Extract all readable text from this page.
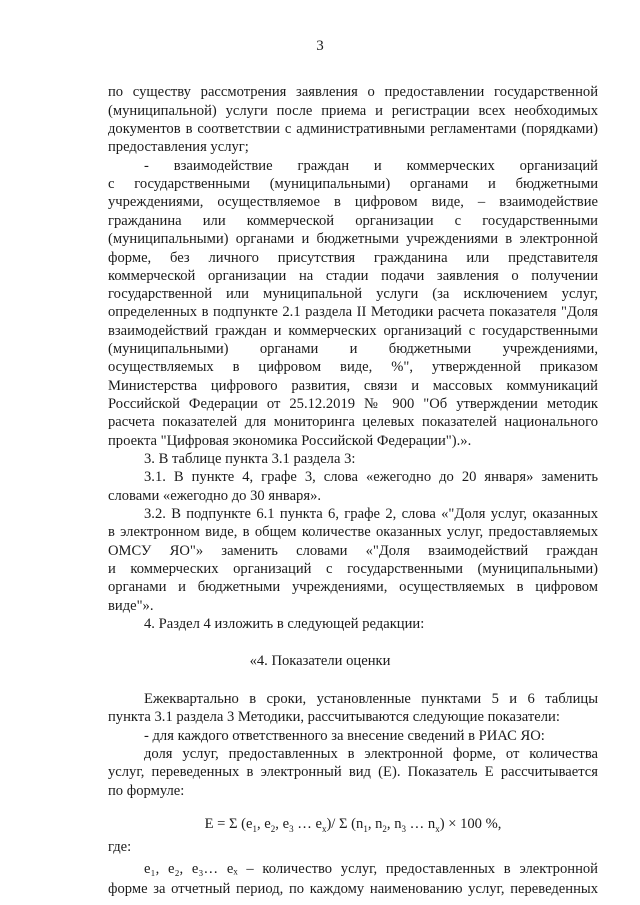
3
по существу рассмотрения заявления о предоставлении государственной
(муниципальной) услуги после приема и регистрации всех необходимых
документов в соответствии с административными регламентами (порядками)
предоставления услуг;
- взаимодействие граждан и коммерческих организаций
с государственными (муниципальными) органами и бюджетными
учреждениями, осуществляемое в цифровом виде, – взаимодействие
гражданина или коммерческой организации с государственными
(муниципальными) органами и бюджетными учреждениями в электронной
форме, без личного присутствия гражданина или представителя
коммерческой организации на стадии подачи заявления о получении
государственной или муниципальной услуги (за исключением услуг,
определенных в подпункте 2.1 раздела II Методики расчета показателя "Доля
взаимодействий граждан и коммерческих организаций с государственными
(муниципальными) органами и бюджетными учреждениями,
осуществляемых в цифровом виде, %", утвержденной приказом
Министерства цифрового развития, связи и массовых коммуникаций
Российской Федерации от 25.12.2019 № 900 "Об утверждении методик
расчета показателей для мониторинга целевых показателей национального
проекта "Цифровая экономика Российской Федерации").».
3. В таблице пункта 3.1 раздела 3:
3.1. В пункте 4, графе 3, слова «ежегодно до 20 января» заменить
словами «ежегодно до 30 января».
3.2. В подпункте 6.1 пункта 6, графе 2, слова «"Доля услуг, оказанных
в электронном виде, в общем количестве оказанных услуг, предоставляемых
ОМСУ ЯО"» заменить словами «"Доля взаимодействий граждан
и коммерческих организаций с государственными (муниципальными)
органами и бюджетными учреждениями, осуществляемых в цифровом
виде"».
4. Раздел 4 изложить в следующей редакции:
«4. Показатели оценки
Ежеквартально в сроки, установленные пунктами 5 и 6 таблицы
пункта 3.1 раздела 3 Методики, рассчитываются следующие показатели:
- для каждого ответственного за внесение сведений в РИАС ЯО:
доля услуг, предоставленных в электронной форме, от количества
услуг, переведенных в электронный вид (E). Показатель E рассчитывается
по формуле:
E = Σ ($e_1$, $e_2$, $e_3$ … $e_x)/$ Σ ($n_1$, $n_2$, $n_3$ … $n_x) \times 100$ %,
где:
e₁, e₂, e₃… eₓ – количество услуг, предоставленных в электронной
форме за отчетный период, по каждому наименованию услуг, переведенных
